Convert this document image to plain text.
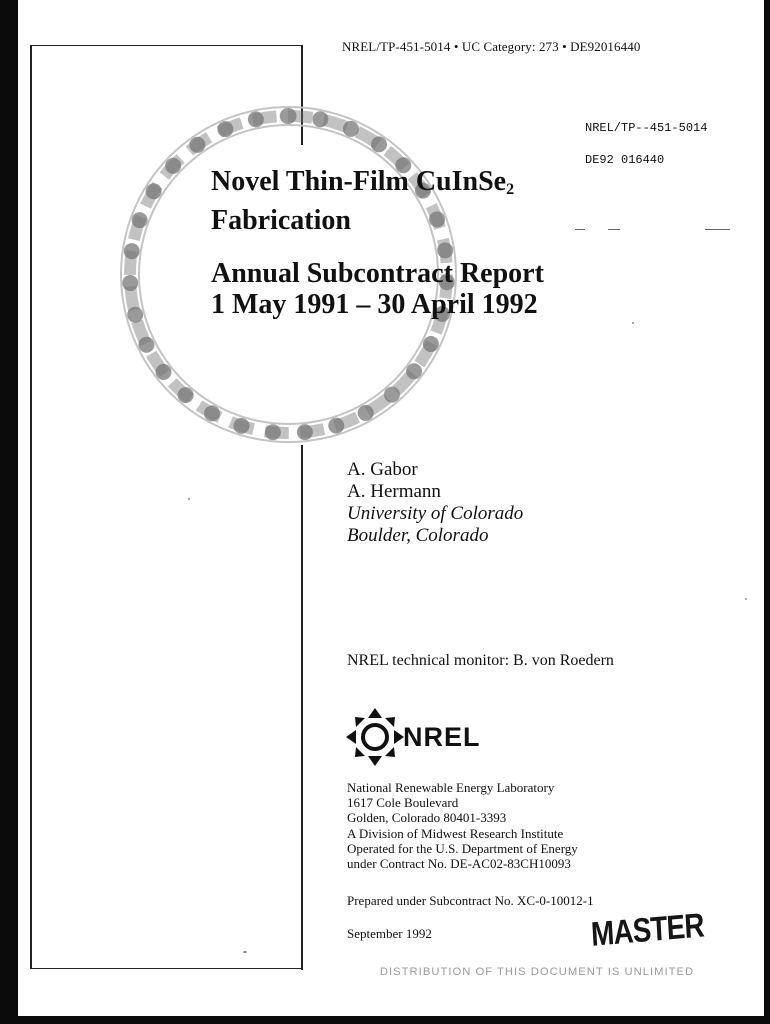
NREL/TP-451-5014 • UC Category: 273 • DE92016440
NREL/TP--451-5014
DE92 016440
Novel Thin-Film CuInSe$_2$
Fabrication
Annual Subcontract Report
1 May 1991 – 30 April 1992
A. Gabor
A. Hermann
University of Colorado
Boulder, Colorado
NREL technical monitor: B. von Roedern
NREL
National Renewable Energy Laboratory
1617 Cole Boulevard
Golden, Colorado 80401-3393
A Division of Midwest Research Institute
Operated for the U.S. Department of Energy
under Contract No. DE-AC02-83CH10093
Prepared under Subcontract No. XC-0-10012-1
September 1992	MASTER
DISTRIBUTION OF THIS DOCUMENT IS UNLIMITED
